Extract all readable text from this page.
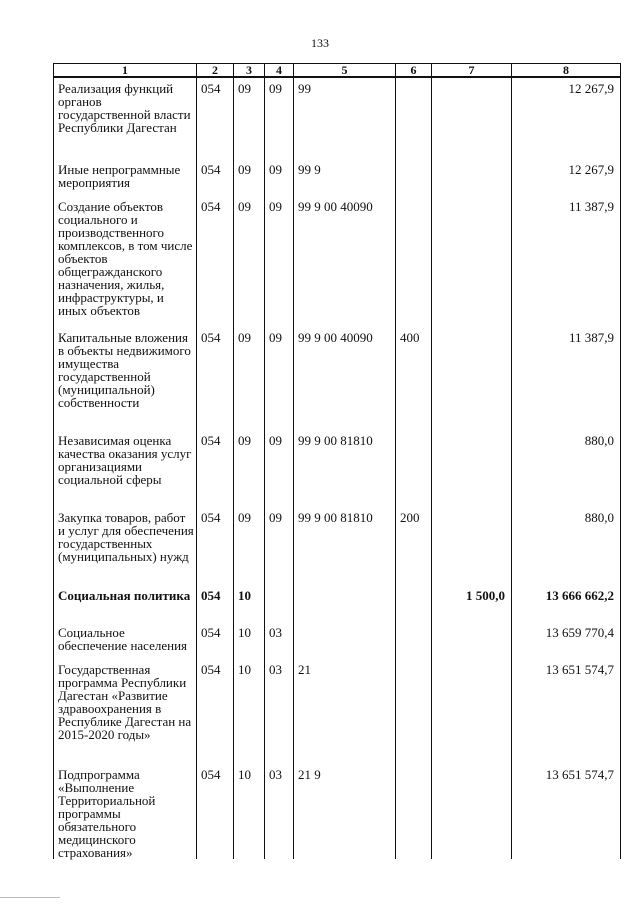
133
1	2	3	4	5	6	7	8
Реализация функций органов государственной власти Республики Дагестан	054	09	09	99			12 267,9
Иные непрограммные мероприятия	054	09	09	99 9			12 267,9
Создание объектов социального и производственного комплексов, в том числе объектов общегражданского назначения, жилья, инфраструктуры, и иных объектов	054	09	09	99 9 00 40090			11 387,9
Капитальные вложения в объекты недвижимого имущества государственной (муниципальной) собственности	054	09	09	99 9 00 40090	400		11 387,9
Независимая оценка качества оказания услуг организациями социальной сферы	054	09	09	99 9 00 81810			880,0
Закупка товаров, работ и услуг для обеспечения государственных (муниципальных) нужд	054	09	09	99 9 00 81810	200		880,0
Социальная политика	054	10				1 500,0	13 666 662,2
Социальное обеспечение населения	054	10	03				13 659 770,4
Государственная программа Республики Дагестан «Развитие здравоохранения в Республике Дагестан на 2015-2020 годы»	054	10	03	21			13 651 574,7
Подпрограмма «Выполнение Территориальной программы обязательного медицинского страхования»	054	10	03	21 9			13 651 574,7
